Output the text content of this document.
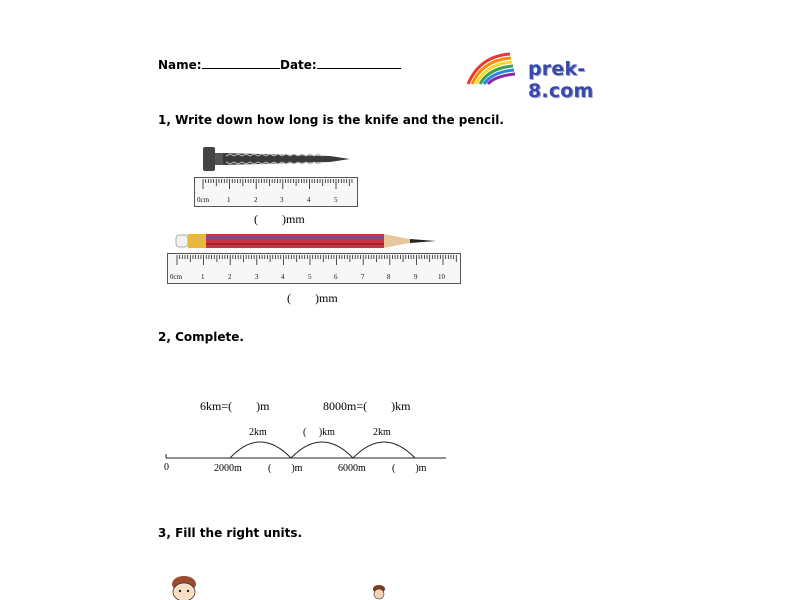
Name:	Date:	prek-8.com
1, Write down how long is the knife and the pencil.
0cm	1	2	3	4	5
(        )mm
0cm	1	2	3	4	5	6	7	8	9	10
(        )mm
2, Complete.
6km=(        )m	8000m=(        )km
2km	(     )km	2km
0	2000m	(        )m	6000m	(        )m
3, Fill the right units.
